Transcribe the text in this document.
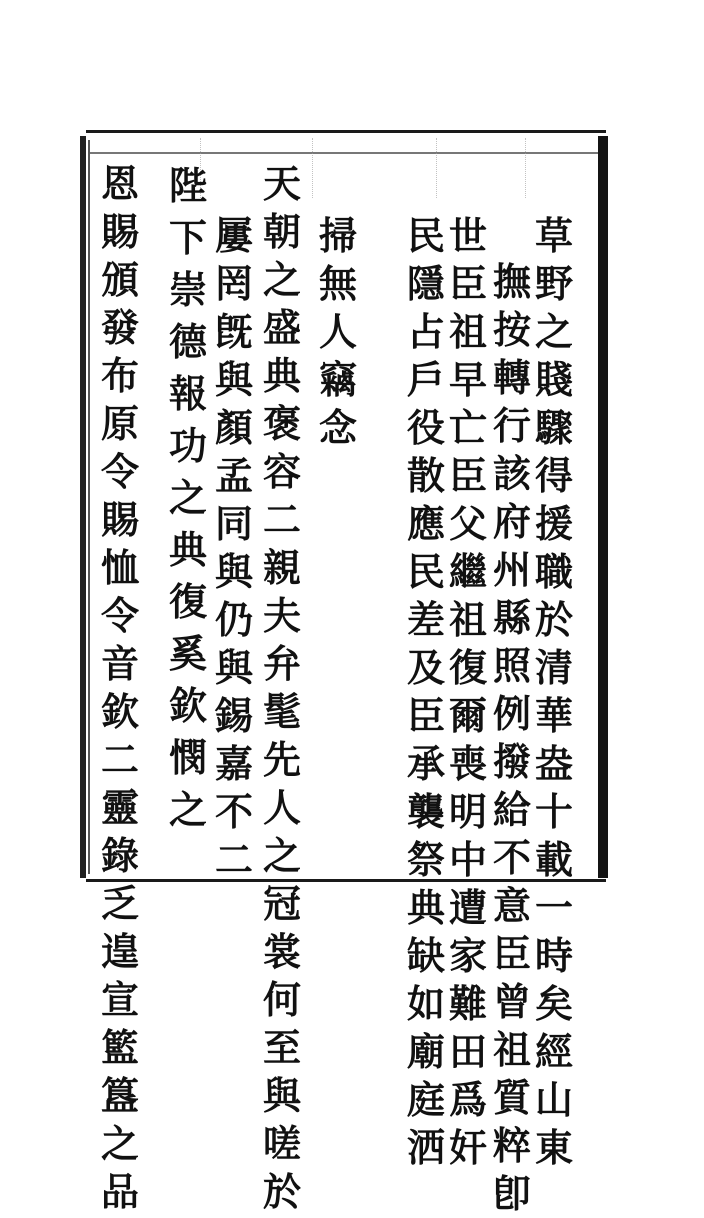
草
野
之
賤
驟
得
援
職
於
清
華
盎
十
載
一
時
矣
經
山
東
撫
按
轉
行
該
府
州
縣
照
例
撥
給
不
意
臣
曾
祖
質
粹
卽
世
臣
祖
早
亡
臣
父
繼
祖
復
爾
喪
明
中
遭
家
難
田
爲
奸
民
隱
占
戶
役
散
應
民
差
及
臣
承
襲
祭
典
缺
如
廟
庭
洒
掃
無
人
竊
念
天
朝
之
盛
典
褒
容
二
親
夫
弁
髦
先
人
之
冠
裳
何
至
與
嗟
於
屢
罔
旣
與
顏
孟
同
與
仍
與
錫
嘉
不
二
陛
下
崇
德
報
功
之
典
復
奚
欽
憫
之
恩
賜
頒
發
布
原
令
賜
恤
令
音
欽
二
靈
錄
乏
遑
宣
籃
簋
之
品
